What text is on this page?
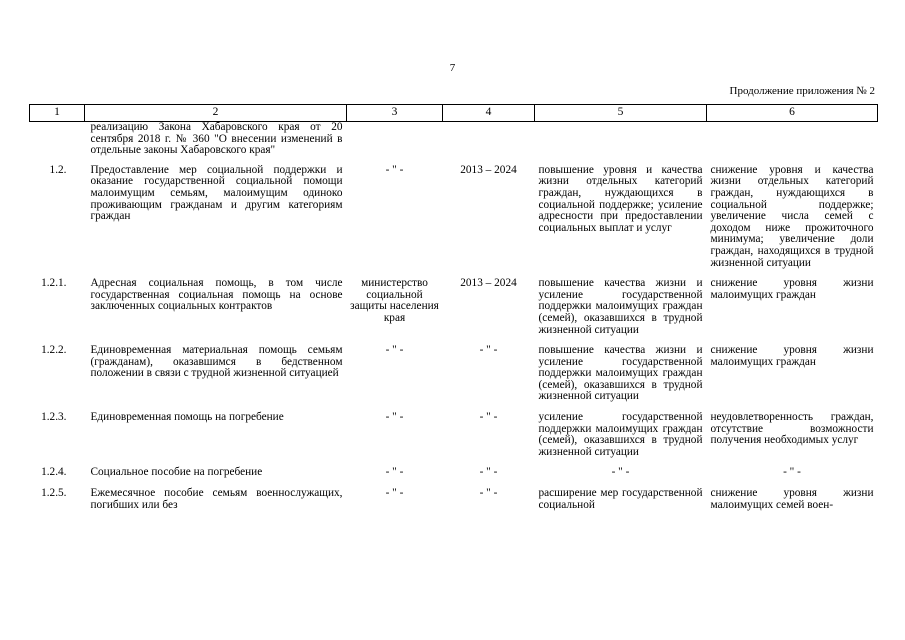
7
Продолжение приложения № 2
1	2	3	4	5	6
	реализацию Закона Хабаровского края от 20 сентября 2018 г. № 360 "О внесении изменений в отдельные законы Хабаровского края"				
1.2.	Предоставление мер социальной поддержки и оказание государственной социальной помощи малоимущим семьям, малоимущим одиноко проживающим гражданам и другим категориям граждан	- " -	2013 – 2024	повышение уровня и качества жизни отдельных категорий граждан, нуждающихся в социальной поддержке; усиление адресности при предоставлении социальных выплат и услуг	снижение уровня и качества жизни отдельных категорий граждан, нуждающихся в социальной поддержке; увеличение числа семей с доходом ниже прожиточного минимума; увеличение доли граждан, находящихся в трудной жизненной ситуации
1.2.1.	Адресная социальная помощь, в том числе государственная социальная помощь на основе заключенных социальных контрактов	министерство социальной защиты населения края	2013 – 2024	повышение качества жизни и усиление государственной поддержки малоимущих граждан (семей), оказавшихся в трудной жизненной ситуации	снижение уровня жизни малоимущих граждан
1.2.2.	Единовременная материальная помощь семьям (гражданам), оказавшимся в бедственном положении в связи с трудной жизненной ситуацией	- " -	- " -	повышение качества жизни и усиление государственной поддержки малоимущих граждан (семей), оказавшихся в трудной жизненной ситуации	снижение уровня жизни малоимущих граждан
1.2.3.	Единовременная помощь на погребение	- " -	- " -	усиление государственной поддержки малоимущих граждан (семей), оказавшихся в трудной жизненной ситуации	неудовлетворенность граждан, отсутствие возможности получения необходимых услуг
1.2.4.	Социальное пособие на погребение	- " -	- " -	- " -	- " -
1.2.5.	Ежемесячное пособие семьям военнослужащих, погибших или без	- " -	- " -	расширение мер государственной социальной	снижение уровня жизни малоимущих семей воен-
